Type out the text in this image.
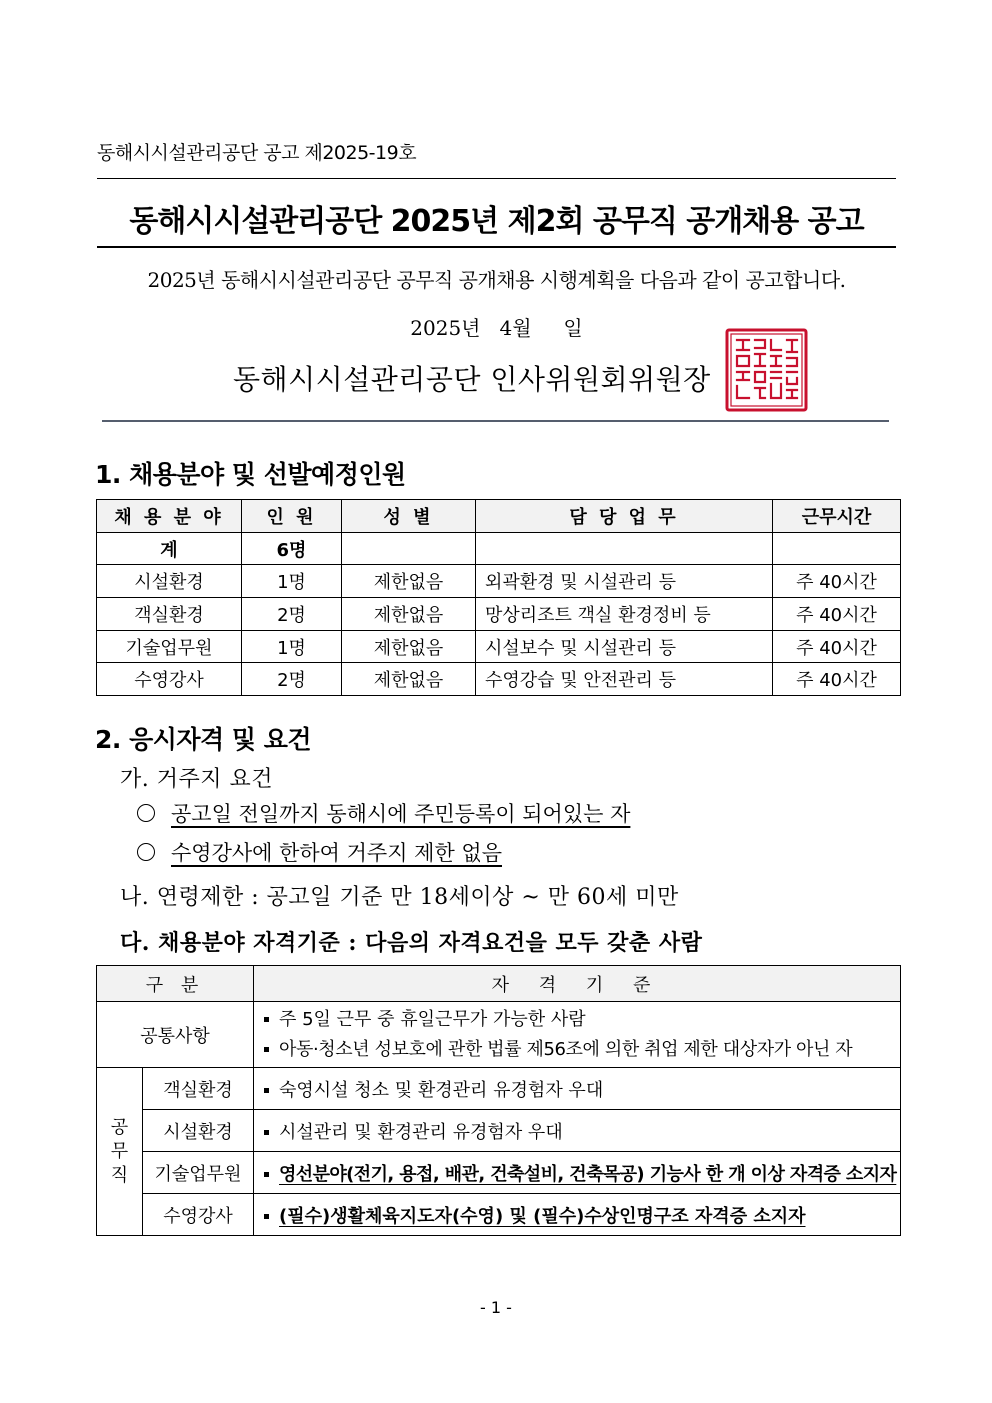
동해시시설관리공단 공고 제2025-19호
동해시시설관리공단 2025년 제2회 공무직 공개채용 공고
2025년 동해시시설관리공단 공무직 공개채용 시행계획을 다음과 같이 공고합니다.
2025년   4월     일
동해시시설관리공단 인사위원회위원장
1. 채용분야 및 선발예정인원
채 용 분 야	인 원	성 별	담 당 업 무	근무시간
계	6명			
시설환경	1명	제한없음	외곽환경 및 시설관리 등	주 40시간
객실환경	2명	제한없음	망상리조트 객실 환경정비 등	주 40시간
기술업무원	1명	제한없음	시설보수 및 시설관리 등	주 40시간
수영강사	2명	제한없음	수영강습 및 안전관리 등	주 40시간
2. 응시자격 및 요건
가. 거주지 요건
공고일 전일까지 동해시에 주민등록이 되어있는 자
수영강사에 한하여 거주지 제한 없음
나. 연령제한 : 공고일 기준 만 18세이상 ~ 만 60세 미만
다. 채용분야 자격기준 : 다음의 자격요건을 모두 갖춘 사람
구 분		자 격 기 준
공통사항		주 5일 근무 중 휴일근무가 가능한 사람
아동·청소년 성보호에 관한 법률 제56조에 의한 취업 제한 대상자가 아닌 자

공
무
직	객실환경	숙영시설 청소 및 환경관리 유경험자 우대
	시설환경	시설관리 및 환경관리 유경험자 우대
	기술업무원	영선분야(전기, 용접, 배관, 건축설비, 건축목공) 기능사 한 개 이상 자격증 소지자
	수영강사	(필수)생활체육지도자(수영) 및 (필수)수상인명구조 자격증 소지자
- 1 -
